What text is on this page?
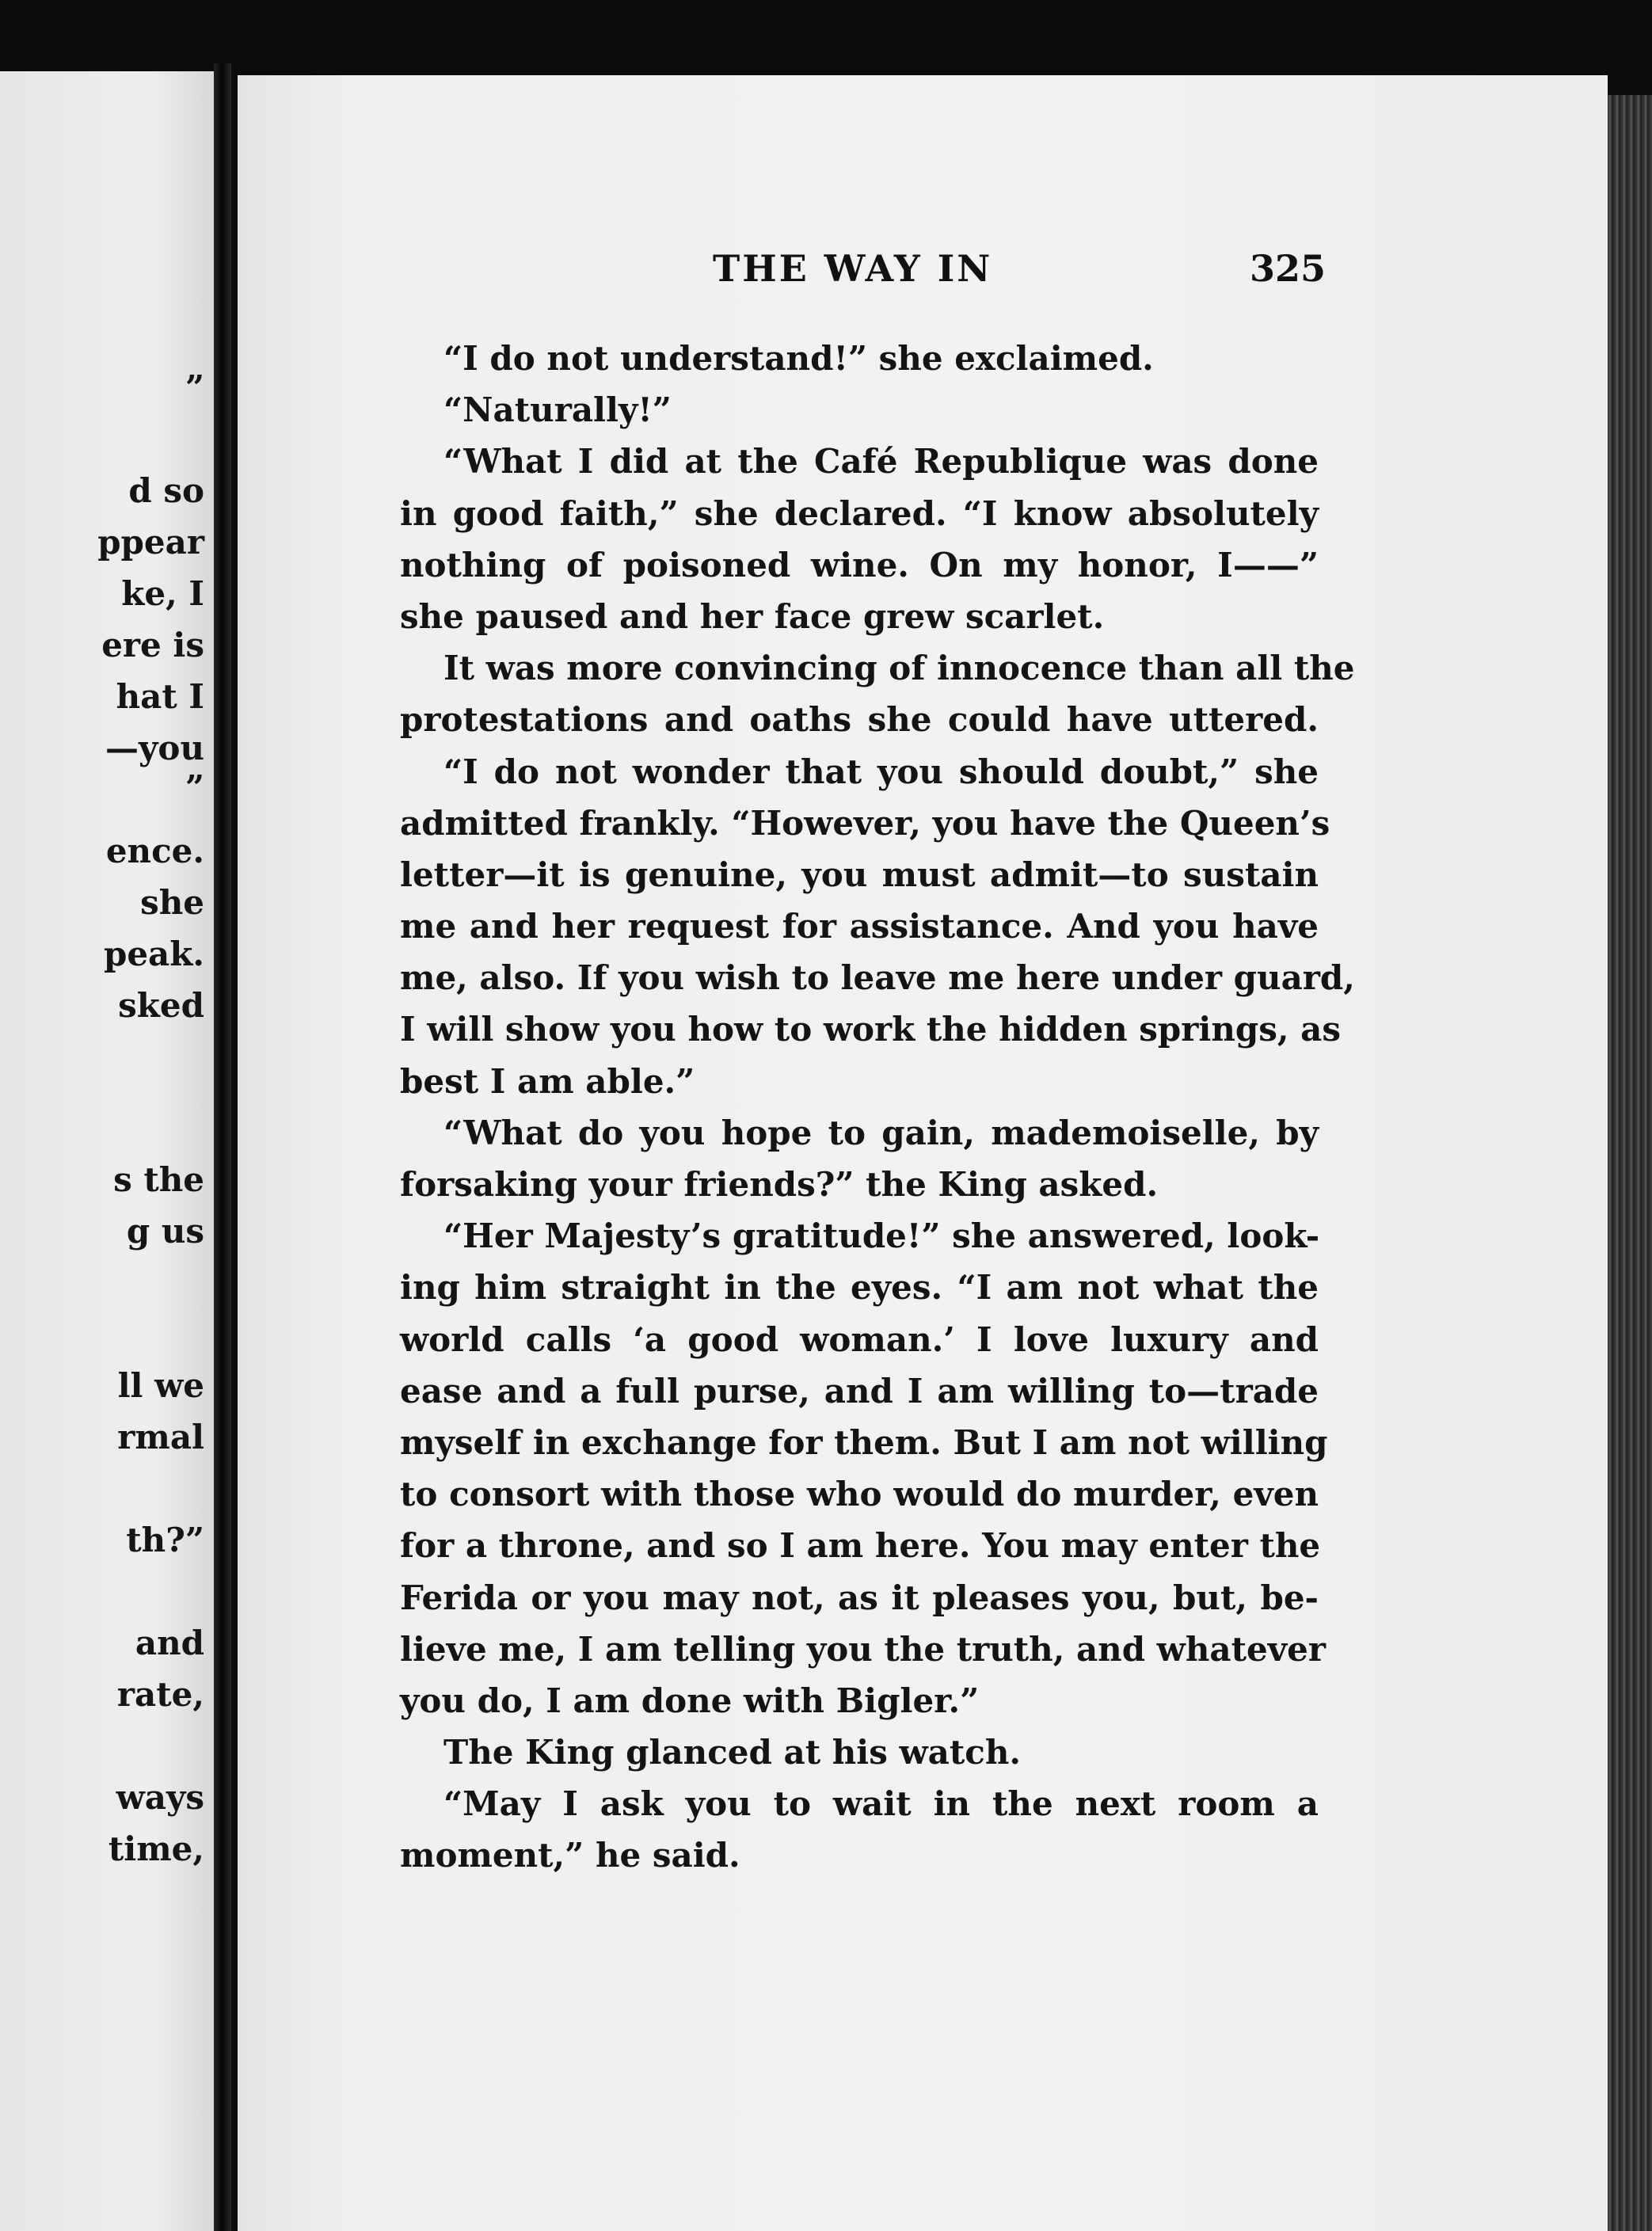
”

d so

ppear

ke, I

ere is

hat I

—you

”

ence.

she

peak.

sked

s the

g us

ll we

rmal

th?”

and

rate,

ways

time,

THE WAY IN	325

“I do not understand!” she exclaimed.

“Naturally!”

“What I did at the Café Republique was done

in good faith,” she declared. “I know absolutely

nothing of poisoned wine. On my honor, I——”

she paused and her face grew scarlet.

It was more convincing of innocence than all the

protestations and oaths she could have uttered.

“I do not wonder that you should doubt,” she

admitted frankly. “However, you have the Queen’s

letter—it is genuine, you must admit—to sustain

me and her request for assistance. And you have

me, also. If you wish to leave me here under guard,

I will show you how to work the hidden springs, as

best I am able.”

“What do you hope to gain, mademoiselle, by

forsaking your friends?” the King asked.

“Her Majesty’s gratitude!” she answered, look-

ing him straight in the eyes. “I am not what the

world calls ‘a good woman.’ I love luxury and

ease and a full purse, and I am willing to—trade

myself in exchange for them. But I am not willing

to consort with those who would do murder, even

for a throne, and so I am here. You may enter the

Ferida or you may not, as it pleases you, but, be-

lieve me, I am telling you the truth, and whatever

you do, I am done with Bigler.”

The King glanced at his watch.

“May I ask you to wait in the next room a

moment,” he said.
